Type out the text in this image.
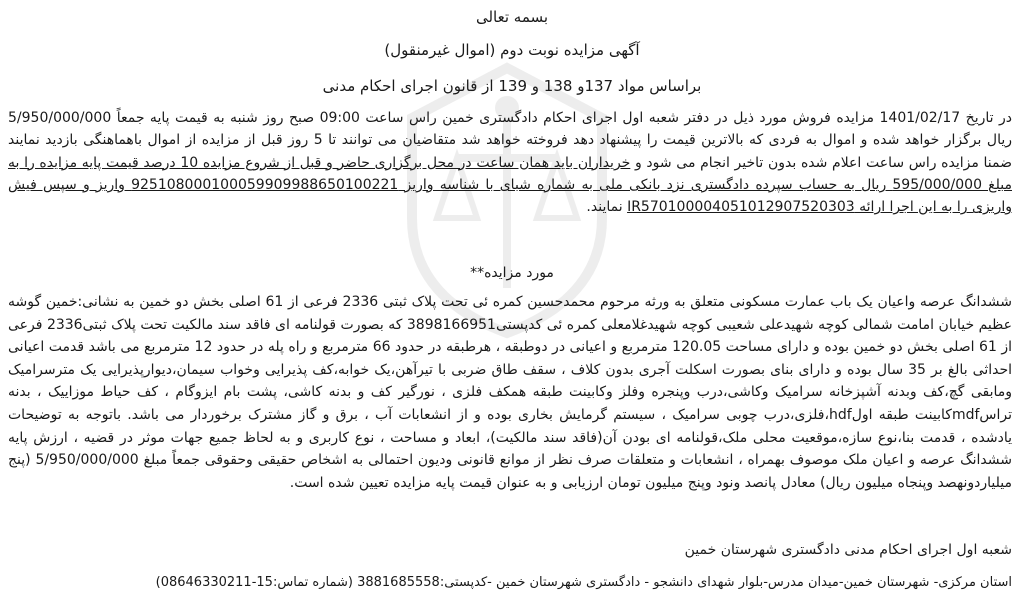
بسمه تعالی
آگهی مزایده نوبت دوم (اموال غیرمنقول)
براساس مواد 137و 138 و 139 از قانون اجرای احکام مدنی
در تاریخ 1401/02/17 مزایده فروش مورد ذیل در دفتر شعبه اول اجرای احکام دادگستری خمین راس ساعت 09:00 صبح روز شنبه به قیمت پایه جمعاً 5/950/000/000 ریال برگزار خواهد شده و اموال به فردی که بالاترین قیمت را پیشنهاد دهد فروخته خواهد شد متقاضیان می توانند تا 5 روز قبل از مزایده از اموال باهماهنگی بازدید نمایند ضمنا مزایده راس ساعت اعلام شده بدون تاخیر انجام می شود و خریداران باید همان ساعت در محل برگزاری حاضر و قبل از شروع مزایده 10 درصد قیمت پایه مزایده را به مبلغ 595/000/000 ریال به حساب سپرده دادگستری نزد بانکی ملی به شماره شبای با شناسه واریز 925108000100059909988650100221 واریز و سپس فیش واریزی را به این اجرا ارائه IR570100004051012907520303 نمایند.
مورد مزایده**
ششدانگ عرصه واعیان یک باب عمارت مسکونی متعلق به ورثه مرحوم محمدحسین کمره ئی تحت پلاک ثبتی 2336 فرعی از 61 اصلی بخش دو خمین به نشانی:خمین گوشه عظیم خیابان امامت شمالی کوچه شهیدعلی شعیبی کوچه شهیدغلامعلی کمره ئی کدپستی3898166951 که بصورت قولنامه ای فاقد سند مالکیت تحت پلاک ثبتی2336 فرعی از 61 اصلی بخش دو خمین بوده و دارای مساحت 120.05 مترمربع و اعیانی در دوطبقه ، هرطبقه در حدود 66 مترمربع و راه پله در حدود 12 مترمربع می باشد قدمت اعیانی احداثی بالغ بر 35 سال بوده و دارای بنای بصورت اسکلت آجری بدون کلاف ، سقف طاق ضربی با تیرآهن،یک خوابه،کف پذیرایی وخواب سیمان،دیوارپذیرایی یک مترسرامیک ومابقی گچ،کف وبدنه آشپزخانه سرامیک وکاشی،درب وپنجره وفلز وکابینت طبقه همکف فلزی ، نورگیر کف و بدنه کاشی، پشت بام ایزوگام ، کف حیاط موزاییک ، بدنه تراسmdfکابینت طبقه اولhdf،فلزی،درب چوبی سرامیک ، سیستم گرمایش بخاری بوده و از انشعابات آب ، برق و گاز مشترک برخوردار می باشد. باتوجه به توضیحات یادشده ، قدمت بنا،نوع سازه،موقعیت محلی ملک،قولنامه ای بودن آن(فاقد سند مالکیت)، ابعاد و مساحت ، نوع کاربری و به لحاظ جمیع جهات موثر در قضیه ، ارزش پایه ششدانگ عرصه و اعیان ملک موصوف بهمراه ، انشعابات و متعلقات صرف نظر از موانع قانونی ودیون احتمالی به اشخاص حقیقی وحقوقی جمعاً مبلغ 5/950/000/000 (پنج میلیاردونهصد وپنجاه میلیون ریال) معادل پانصد ونود وپنج میلیون تومان ارزیابی و به عنوان قیمت پایه مزایده تعیین شده است.
شعبه اول اجرای احکام مدنی دادگستری شهرستان خمین
استان مرکزی- شهرستان خمین-میدان مدرس-بلوار شهدای دانشجو - دادگستری شهرستان خمین -کدپستی:3881685558 (شماره تماس:15-08646330211)
